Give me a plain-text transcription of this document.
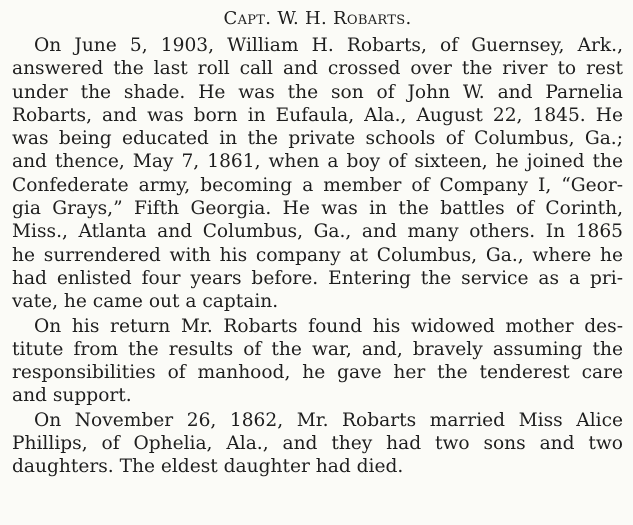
Capt. W. H. Robarts.
On June 5, 1903, William H. Robarts, of Guernsey, Ark.,
answered the last roll call and crossed over the river to rest
under the shade. He was the son of John W. and Parnelia
Robarts, and was born in Eufaula, Ala., August 22, 1845. He
was being educated in the private schools of Columbus, Ga.;
and thence, May 7, 1861, when a boy of sixteen, he joined the
Confederate army, becoming a member of Company I, “Geor-
gia Grays,” Fifth Georgia. He was in the battles of Corinth,
Miss., Atlanta and Columbus, Ga., and many others. In 1865
he surrendered with his company at Columbus, Ga., where he
had enlisted four years before. Entering the service as a pri-
vate, he came out a captain.
On his return Mr. Robarts found his widowed mother des-
titute from the results of the war, and, bravely assuming the
responsibilities of manhood, he gave her the tenderest care
and support.
On November 26, 1862, Mr. Robarts married Miss Alice
Phillips, of Ophelia, Ala., and they had two sons and two
daughters. The eldest daughter had died.
